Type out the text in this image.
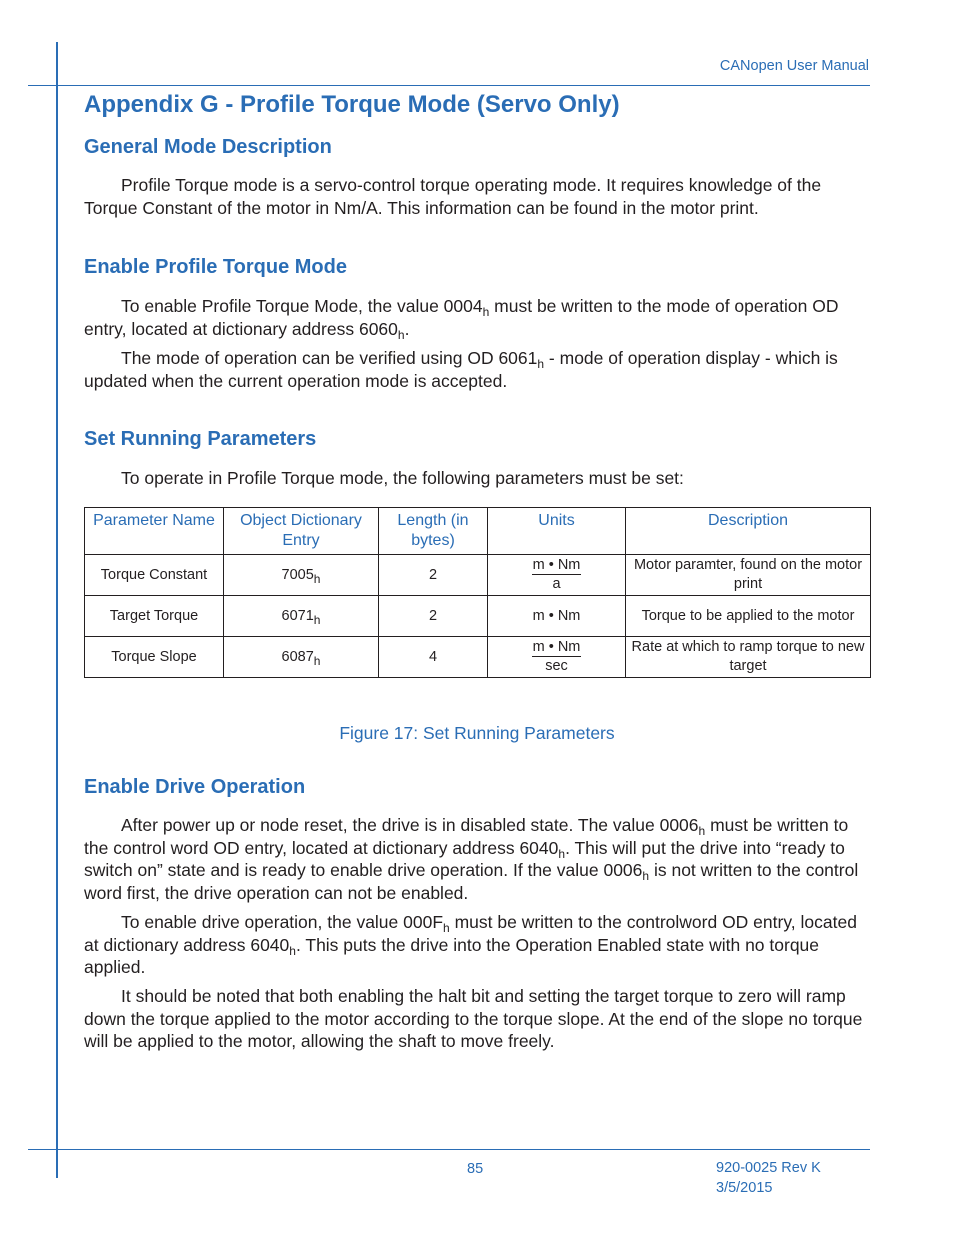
CANopen User Manual
Appendix G - Profile Torque Mode (Servo Only)
General Mode Description

Profile Torque mode is a servo-control torque operating mode. It requires knowledge of the Torque Constant of the motor in Nm/A. This information can be found in the motor print.

Enable Profile Torque Mode

To enable Profile Torque Mode, the value $0004_h$ must be written to the mode of operation OD entry, located at dictionary address $6060_h$.

The mode of operation can be verified using OD $6061_h$ - mode of operation display - which is updated when the current operation mode is accepted.

Set Running Parameters

To operate in Profile Torque mode, the following parameters must be set:

Parameter Name	Object Dictionary Entry	Length (in bytes)	Units	Description
Torque Constant	$7005_h$	2	$\frac{m • Nm}{a}$	Motor paramter, found on the motor print
Target Torque	$6071_h$	2	m • Nm	Torque to be applied to the motor
Torque Slope	$6087_h$	4	$\frac{m • Nm}{\sec}$	Rate at which to ramp torque to new target
Figure 17: Set Running Parameters
Enable Drive Operation

After power up or node reset, the drive is in disabled state. The value $0006_h$ must be written to the control word OD entry, located at dictionary address $6040_h$. This will put the drive into “ready to switch on” state and is ready to enable drive operation. If the value $0006_h$ is not written to the control word first, the drive operation can not be enabled.

To enable drive operation, the value $000F_h$ must be written to the controlword OD entry, located at dictionary address $6040_h$. This puts the drive into the Operation Enabled state with no torque applied.

It should be noted that both enabling the halt bit and setting the target torque to zero will ramp down the torque applied to the motor according to the torque slope. At the end of the slope no torque will be applied to the motor, allowing the shaft to move freely.

85	920-0025 Rev K
3/5/2015
